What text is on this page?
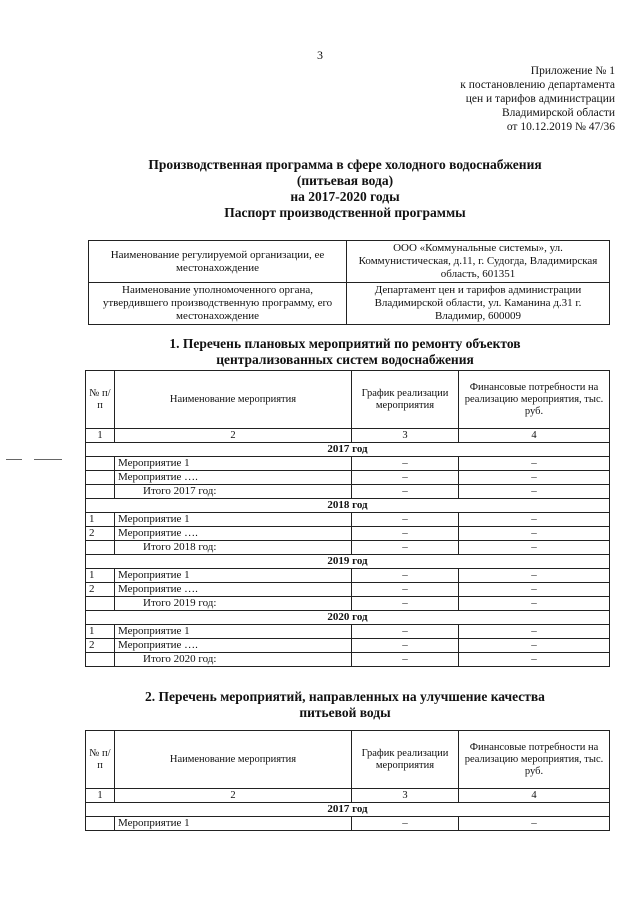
3
Приложение № 1
к постановлению департамента
цен и тарифов администрации
Владимирской области
от 10.12.2019 № 47/36
Производственная программа в сфере холодного водоснабжения
(питьевая вода)
на 2017-2020 годы
Паспорт производственной программы
Наименование регулируемой организации, ее местонахождение	ООО «Коммунальные системы», ул. Коммунистическая, д.11, г. Судогда, Владимирская область, 601351
Наименование уполномоченного органа, утвердившего производственную программу, его местонахождение	Департамент цен и тарифов администрации Владимирской области, ул. Каманина д.31 г. Владимир, 600009
1. Перечень плановых мероприятий по ремонту объектов
централизованных систем водоснабжения
№ п/п	Наименование мероприятия	График реализации мероприятия	Финансовые потребности на реализацию мероприятия, тыс. руб.
1	2	3	4
2017 год			
	Мероприятие 1	–	–
	Мероприятие ….	–	–
	Итого 2017 год:	–	–
2018 год			
1	Мероприятие 1	–	–
2	Мероприятие ….	–	–
	Итого 2018 год:	–	–
2019 год			
1	Мероприятие 1	–	–
2	Мероприятие ….	–	–
	Итого 2019 год:	–	–
2020 год			
1	Мероприятие 1	–	–
2	Мероприятие ….	–	–
	Итого 2020 год:	–	–
2. Перечень мероприятий, направленных на улучшение качества
питьевой воды
№ п/п	Наименование мероприятия	График реализации мероприятия	Финансовые потребности на реализацию мероприятия, тыс. руб.
1	2	3	4
2017 год			
	Мероприятие 1	–	–
